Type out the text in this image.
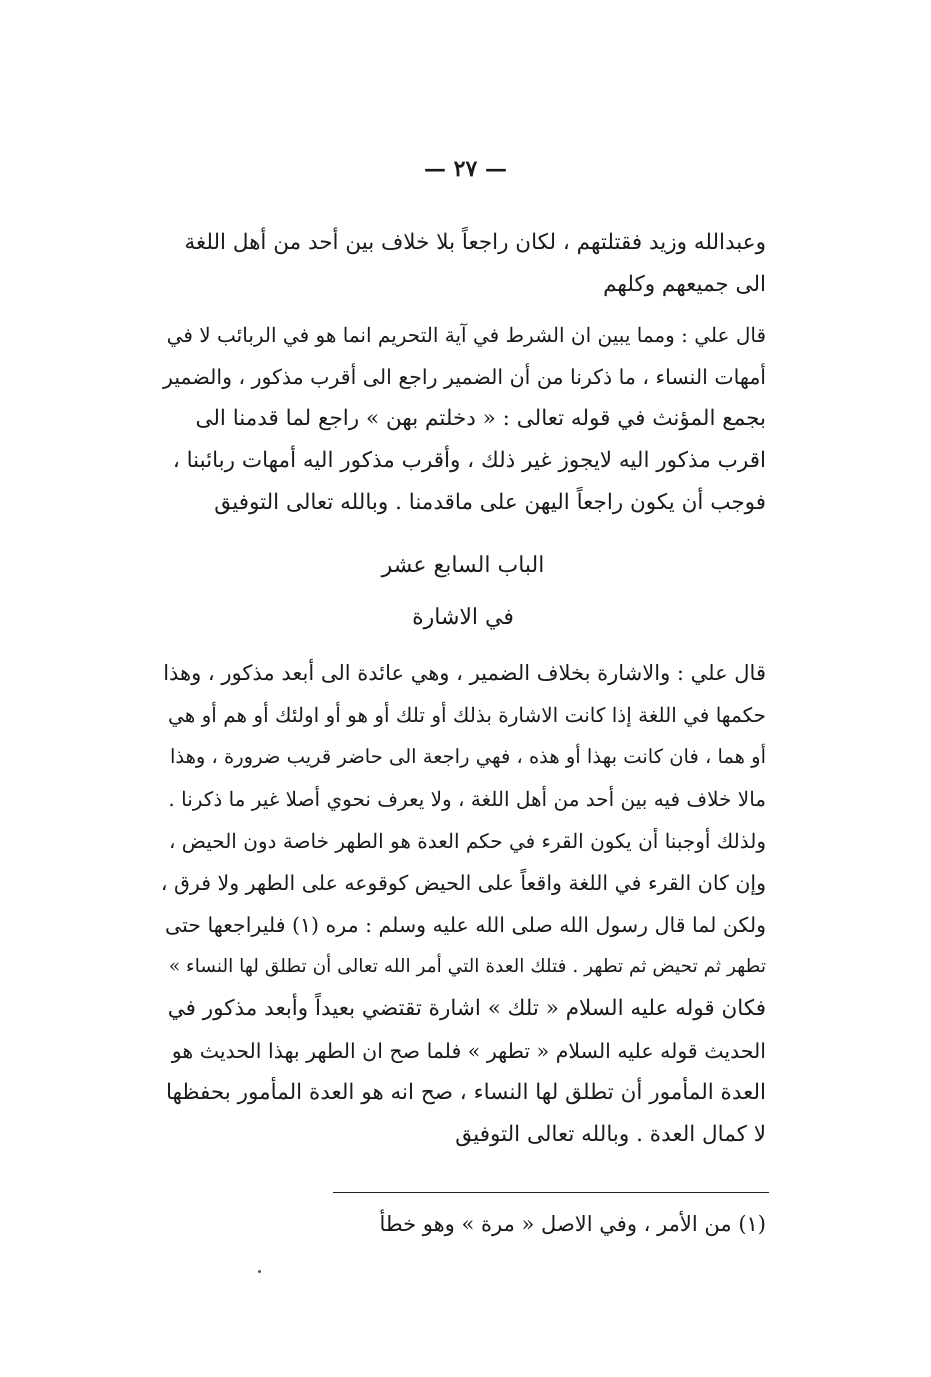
— ٢٧ —
وعبدالله وزيد فقتلتهم ، لكان راجعاً بلا خلاف بين أحد من أهل اللغة
الى جميعهم وكلهم
قال علي : ومما يبين ان الشرط في آية التحريم انما هو في الربائب لا في
أمهات النساء ، ما ذكرنا من أن الضمير راجع الى أقرب مذكور ، والضمير
بجمع المؤنث في قوله تعالى : « دخلتم بهن » راجع لما قدمنا الى
اقرب مذكور اليه لايجوز غير ذلك ، وأقرب مذكور اليه أمهات ربائبنا ،
فوجب أن يكون راجعاً اليهن على ماقدمنا . وبالله تعالى التوفيق
الباب السابع عشر
في الاشارة
قال علي : والاشارة بخلاف الضمير ، وهي عائدة الى أبعد مذكور ، وهذا
حكمها في اللغة إذا كانت الاشارة بذلك أو تلك أو هو أو اولئك أو هم أو هي
أو هما ، فان كانت بهذا أو هذه ، فهي راجعة الى حاضر قريب ضرورة ، وهذا
مالا خلاف فيه بين أحد من أهل اللغة ، ولا يعرف نحوي أصلا غير ما ذكرنا .
ولذلك أوجبنا أن يكون القرء في حكم العدة هو الطهر خاصة دون الحيض ،
وإن كان القرء في اللغة واقعاً على الحيض كوقوعه على الطهر ولا فرق ،
ولكن لما قال رسول الله صلى الله عليه وسلم : مره (١) فليراجعها حتى
تطهر ثم تحيض ثم تطهر . فتلك العدة التي أمر الله تعالى أن تطلق لها النساء »
فكان قوله عليه السلام « تلك » اشارة تقتضي بعيداً وأبعد مذكور في
الحديث قوله عليه السلام « تطهر » فلما صح ان الطهر بهذا الحديث هو
العدة المأمور أن تطلق لها النساء ، صح انه هو العدة المأمور بحفظها
لا كمال العدة . وبالله تعالى التوفيق
(١) من الأمر ، وفي الاصل « مرة » وهو خطأ
